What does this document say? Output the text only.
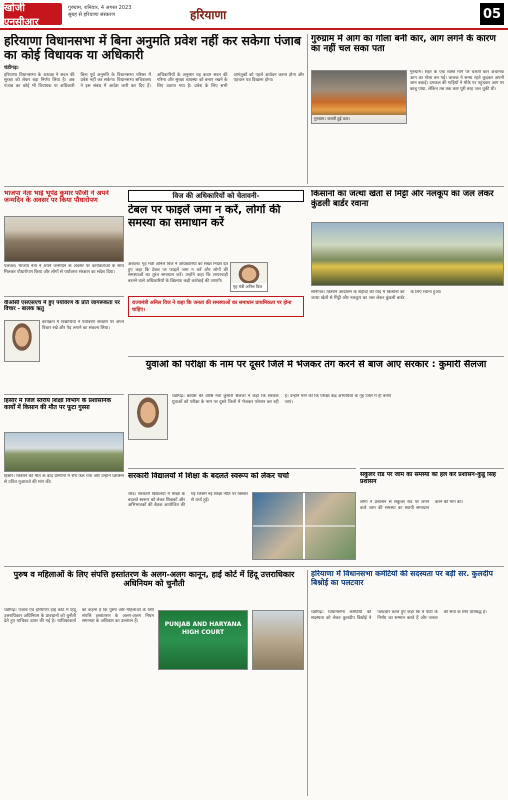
खोजी एनसीआर
गुरुग्राम, शनिवार, 4 अगस्त 2023
सुबह से हरियाणा संस्करण	हरियाणा	05
हरियाणा विधानसभा में बिना अनुमति प्रवेश नहीं कर सकेगा पंजाब का कोई विधायक या अधिकारी
चंडीगढ़।
हरियाणा विधानसभा के अध्यक्ष ने सदन की सुरक्षा को लेकर बड़ा निर्णय लिया है। अब पंजाब का कोई भी विधायक या अधिकारी बिना पूर्व अनुमति के विधानसभा परिसर में प्रवेश नहीं कर सकेगा। विधानसभा सचिवालय ने इस संबंध में आदेश जारी कर दिए हैं। अधिकारियों के अनुसार यह कदम सदन की गरिमा और सुरक्षा व्यवस्था को बनाए रखने के लिए उठाया गया है। प्रवेश के लिए सभी आगंतुकों को पहले आवेदन करना होगा और पहचान पत्र दिखाना होगा।
गुरुग्राम में आग का गोला बनी कार, आग लगने के कारण का नहीं चल सका पता
गुरुग्राम। जलती हुई कार।
गुरुग्राम। शहर के एक व्यस्त मार्ग पर चलती कार अचानक आग का गोला बन गई। चालक ने समय रहते कूदकर अपनी जान बचाई। दमकल की गाड़ियों ने मौके पर पहुंचकर आग पर काबू पाया, लेकिन तब तक कार पूरी तरह जल चुकी थी।
भाजपा नेता भाई भूपेंद्र कुमार फौजी ने अपने जन्मदिन के अवसर पर किया पौधारोपण
पलवल। भाजपा नेता ने अपने जन्मदिन के अवसर पर कार्यकर्ताओं के साथ मिलकर पौधारोपण किया और लोगों से पर्यावरण संरक्षण का संदेश दिया।
विज की अधिकारियों को चेतावनी-
टेबल पर फाइलें जमा न करें, लोगों की समस्या का समाधान करें
अंबाला। गृह मंत्री अनिल विज ने अधिकारियों को सख्त निर्देश देते हुए कहा कि टेबल पर फाइलें जमा न करें और लोगों की समस्याओं का तुरंत समाधान करें। उन्होंने कहा कि लापरवाही बरतने वाले अधिकारियों के खिलाफ कड़ी कार्रवाई की जाएगी।
गृह मंत्री अनिल विज
किसानों का जत्था खेतों से मिट्टी और नलकूप का जल लेकर कुंडली बार्डर रवाना
वीओसी एसएसएच में हुए पर्यावरण के प्रति जागरूकता पर विचार - बालक ऋतु
कार्यक्रम में विद्यार्थियों ने पर्यावरण संरक्षण पर अपने विचार रखे और पेड़ लगाने का संकल्प लिया।
राज्यमंत्री अनिल विज ने कहा कि जनता की समस्याओं का समाधान प्राथमिकता पर होना चाहिए।
सोनीपत। किसान आंदोलन के शहीदों की याद में किसानों का जत्था खेतों से मिट्टी और नलकूप का जल लेकर कुंडली बार्डर के लिए रवाना हुआ।
युवाओं को परीक्षा के नाम पर दूसरे जिले में भेजकर तंग करने से बाज आए सरकार : कुमारी सैलजा
चंडीगढ़। कांग्रेस की वरिष्ठ नेता कुमारी सैलजा ने कहा कि सरकार युवाओं को परीक्षा के नाम पर दूसरे जिलों में भेजकर परेशान कर रही है। उन्होंने मांग की कि परीक्षा केंद्र अभ्यर्थियों के गृह जिले में ही बनाए जाएं।
हिसार में जिले स्तरीय शिक्षा विभाग के प्रशासनिक कार्यों में किसान की मौत पर फूटा गुस्सा
हिसार। किसान की मौत के बाद ग्रामीणों में रोष फैल गया और उन्होंने प्रशासन से उचित मुआवजे की मांग की।
सर्कुलर रोड पर जाम का समस्या को हल करे प्रशासन-कुंडू सिंह प्रशासन
लोगों ने प्रशासन से सर्कुलर रोड पर लगने वाले जाम की समस्या का स्थायी समाधान करने की मांग की।
सरकारी विद्यालयों में शिक्षा के बदलते स्वरूप को लेकर चर्चा
जींद। सरकारी विद्यालयों में शिक्षा के बदलते स्वरूप को लेकर शिक्षकों और अभिभावकों की बैठक आयोजित की गई जिसमें नई शिक्षा नीति पर विस्तार से चर्चा हुई।
पुरुष व महिलाओं के लिए संपत्ति हस्तांतरण के अलग-अलग कानून, हाई कोर्ट में हिंदू उत्तराधिकार अधिनियम को चुनौती
चंडीगढ़। पंजाब एवं हरियाणा हाई कोर्ट में हिंदू उत्तराधिकार अधिनियम के प्रावधानों को चुनौती देते हुए याचिका दायर की गई है। याचिकाकर्ता का कहना है कि पुरुष और महिलाओं के लिए संपत्ति हस्तांतरण के अलग-अलग नियम समानता के अधिकार का उल्लंघन हैं।	PUNJAB AND HARYANA HIGH COURT
हरियाणा में विधानसभा कमेटियों की सदस्यता पर बड़ी सर. कुलदीप बिश्नोई का पलटवार
चंडीगढ़। विधानसभा कमेटियों की सदस्यता को लेकर कुलदीप बिश्नोई ने पलटवार करते हुए कहा कि वे पार्टी के निर्णय का सम्मान करते हैं और जनता की सेवा के लिए प्रतिबद्ध हैं।
